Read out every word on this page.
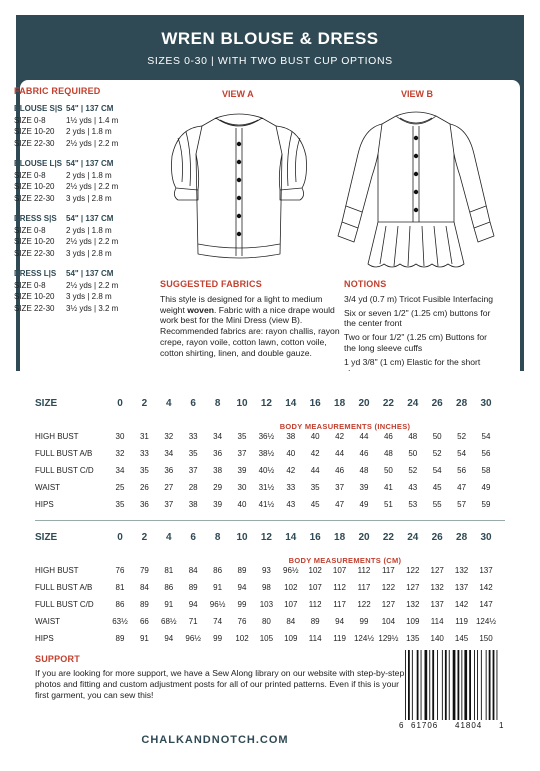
WREN BLOUSE & DRESS
SIZES 0-30 | WITH TWO BUST CUP OPTIONS
FABRIC REQUIRED
BLOUSE S|S 54" | 137 CM
SIZE 0-8	1½ yds | 1.4 m
SIZE 10-20	2 yds | 1.8 m
SIZE 22-30	2½ yds | 2.2 m
BLOUSE L|S 54" | 137 CM
SIZE 0-8	2 yds | 1.8 m
SIZE 10-20	2½ yds | 2.2 m
SIZE 22-30	3 yds | 2.8 m
DRESS S|S	54" | 137 CM
SIZE 0-8	2 yds | 1.8 m
SIZE 10-20	2½ yds | 2.2 m
SIZE 22-30	3 yds | 2.8 m
DRESS L|S	54" | 137 CM
SIZE 0-8	2½ yds | 2.2 m
SIZE 10-20	3 yds | 2.8 m
SIZE 22-30	3½ yds | 3.2 m
VIEW A	VIEW B
SUGGESTED FABRICS
This style is designed for a light to medium weight woven. Fabric with a nice drape would work best for the Mini Dress (view B). Recommended fabrics are: rayon challis, rayon crepe, rayon voile, cotton lawn, cotton voile, cotton shirting, linen, and double gauze.
NOTIONS

3/4 yd (0.7 m) Tricot Fusible Interfacing

Six or seven 1/2" (1.25 cm) buttons for the center front

Two or four 1/2" (1.25 cm) Buttons for the long sleeve cuffs

1 yd 3/8" (1 cm) Elastic for the short

SIZE	0	2	4	6	8	10	12	14	16	18	20	22	24	26	28	30
BODY MEASUREMENTS (INCHES)
HIGH BUST	30	31	32	33	34	35	36½	38	40	42	44	46	48	50	52	54
FULL BUST A/B	32	33	34	35	36	37	38½	40	42	44	46	48	50	52	54	56
FULL BUST C/D	34	35	36	37	38	39	40½	42	44	46	48	50	52	54	56	58
WAIST	25	26	27	28	29	30	31½	33	35	37	39	41	43	45	47	49
HIPS	35	36	37	38	39	40	41½	43	45	47	49	51	53	55	57	59
SIZE	0	2	4	6	8	10	12	14	16	18	20	22	24	26	28	30
BODY MEASUREMENTS (CM)
HIGH BUST	76	79	81	84	86	89	93	96½	102	107	112	117	122	127	132	137
FULL BUST A/B	81	84	86	89	91	94	98	102	107	112	117	122	127	132	137	142
FULL BUST C/D	86	89	91	94	96½	99	103	107	112	117	122	127	132	137	142	147
WAIST	63½	66	68½	71	74	76	80	84	89	94	99	104	109	114	119	124½
HIPS	89	91	94	96½	99	102	105	109	114	119	124½ 129½ 135	140	145	150
SUPPORT
If you are looking for more support, we have a Sew Along library on our website with step-by-step photos and fitting and custom adjustment posts for all of our printed patterns. Even if this is your first garment, you can sew this!
CHALKANDNOTCH.COM
6 61706 41804 1
